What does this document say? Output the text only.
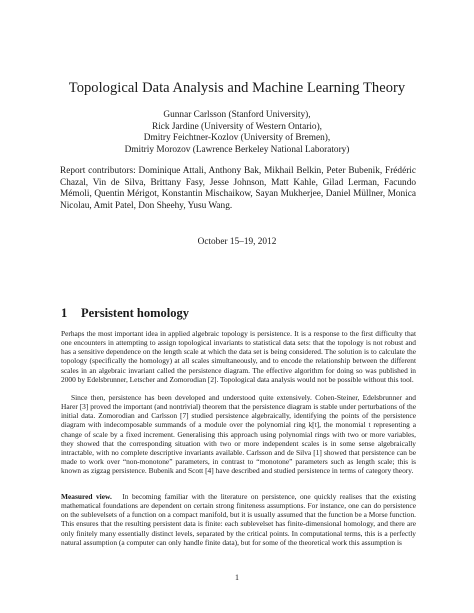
Topological Data Analysis and Machine Learning Theory
Gunnar Carlsson (Stanford University),
Rick Jardine (University of Western Ontario),
Dmitry Feichtner-Kozlov (University of Bremen),
Dmitriy Morozov (Lawrence Berkeley National Laboratory)
Report contributors: Dominique Attali, Anthony Bak, Mikhail Belkin, Peter Bubenik, Frédéric Chazal, Vin de Silva, Brittany Fasy, Jesse Johnson, Matt Kahle, Gilad Lerman, Facundo Mémoli, Quentin Mérigot, Konstantin Mischaikow, Sayan Mukherjee, Daniel Müllner, Monica Nicolau, Amit Patel, Don Sheehy, Yusu Wang.
October 15–19, 2012
1 Persistent homology
Perhaps the most important idea in applied algebraic topology is persistence. It is a response to the first difficulty that one encounters in attempting to assign topological invariants to statistical data sets: that the topology is not robust and has a sensitive dependence on the length scale at which the data set is being considered. The solution is to calculate the topology (specifically the homology) at all scales simultaneously, and to encode the relationship between the different scales in an algebraic invariant called the persistence diagram. The effective algorithm for doing so was published in 2000 by Edelsbrunner, Letscher and Zomorodian [2]. Topological data analysis would not be possible without this tool.
Since then, persistence has been developed and understood quite extensively. Cohen-Steiner, Edelsbrunner and Harer [3] proved the important (and nontrivial) theorem that the persistence diagram is stable under perturbations of the initial data. Zomorodian and Carlsson [7] studied persistence algebraically, identifying the points of the persistence diagram with indecomposable summands of a module over the polynomial ring k[t], the monomial t representing a change of scale by a fixed increment. Generalising this approach using polynomial rings with two or more variables, they showed that the corresponding situation with two or more independent scales is in some sense algebraically intractable, with no complete descriptive invariants available. Carlsson and de Silva [1] showed that persistence can be made to work over “non-monotone” parameters, in contrast to “monotone” parameters such as length scale; this is known as zigzag persistence. Bubenik and Scott [4] have described and studied persistence in terms of category theory.
Measured view. In becoming familiar with the literature on persistence, one quickly realises that the existing mathematical foundations are dependent on certain strong finiteness assumptions. For instance, one can do persistence on the sublevelsets of a function on a compact manifold, but it is usually assumed that the function be a Morse function. This ensures that the resulting persistent data is finite: each sublevelset has finite-dimensional homology, and there are only finitely many essentially distinct levels, separated by the critical points. In computational terms, this is a perfectly natural assumption (a computer can only handle finite data), but for some of the theoretical work this assumption is
1
